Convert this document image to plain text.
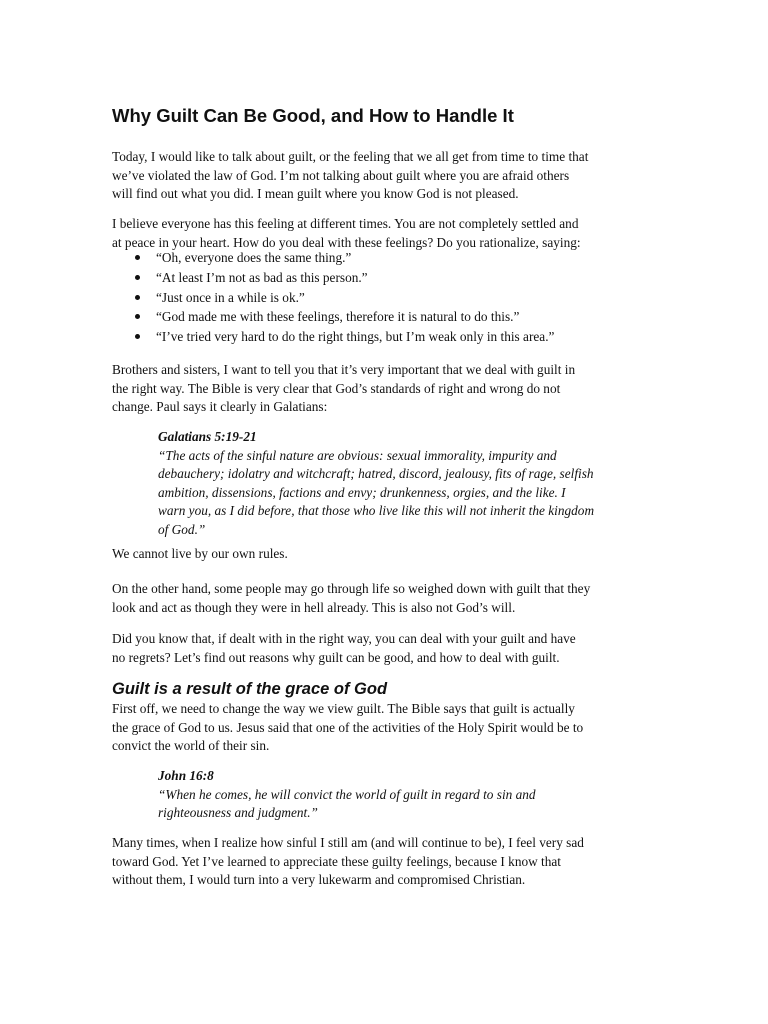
Why Guilt Can Be Good, and How to Handle It

Today, I would like to talk about guilt, or the feeling that we all get from time to time that
we’ve violated the law of God. I’m not talking about guilt where you are afraid others
will find out what you did. I mean guilt where you know God is not pleased.

I believe everyone has this feeling at different times. You are not completely settled and
at peace in your heart. How do you deal with these feelings? Do you rationalize, saying:

“Oh, everyone does the same thing.”
“At least I’m not as bad as this person.”
“Just once in a while is ok.”
“God made me with these feelings, therefore it is natural to do this.”
“I’ve tried very hard to do the right things, but I’m weak only in this area.”

Brothers and sisters, I want to tell you that it’s very important that we deal with guilt in
the right way. The Bible is very clear that God’s standards of right and wrong do not
change. Paul says it clearly in Galatians:

Galatians 5:19-21
“The acts of the sinful nature are obvious: sexual immorality, impurity and
debauchery; idolatry and witchcraft; hatred, discord, jealousy, fits of rage, selfish
ambition, dissensions, factions and envy; drunkenness, orgies, and the like. I
warn you, as I did before, that those who live like this will not inherit the kingdom
of God.”

We cannot live by our own rules.

On the other hand, some people may go through life so weighed down with guilt that they
look and act as though they were in hell already. This is also not God’s will.

Did you know that, if dealt with in the right way, you can deal with your guilt and have
no regrets? Let’s find out reasons why guilt can be good, and how to deal with guilt.

Guilt is a result of the grace of God

First off, we need to change the way we view guilt. The Bible says that guilt is actually
the grace of God to us. Jesus said that one of the activities of the Holy Spirit would be to
convict the world of their sin.

John 16:8
“When he comes, he will convict the world of guilt in regard to sin and
righteousness and judgment.”

Many times, when I realize how sinful I still am (and will continue to be), I feel very sad
toward God. Yet I’ve learned to appreciate these guilty feelings, because I know that
without them, I would turn into a very lukewarm and compromised Christian.
